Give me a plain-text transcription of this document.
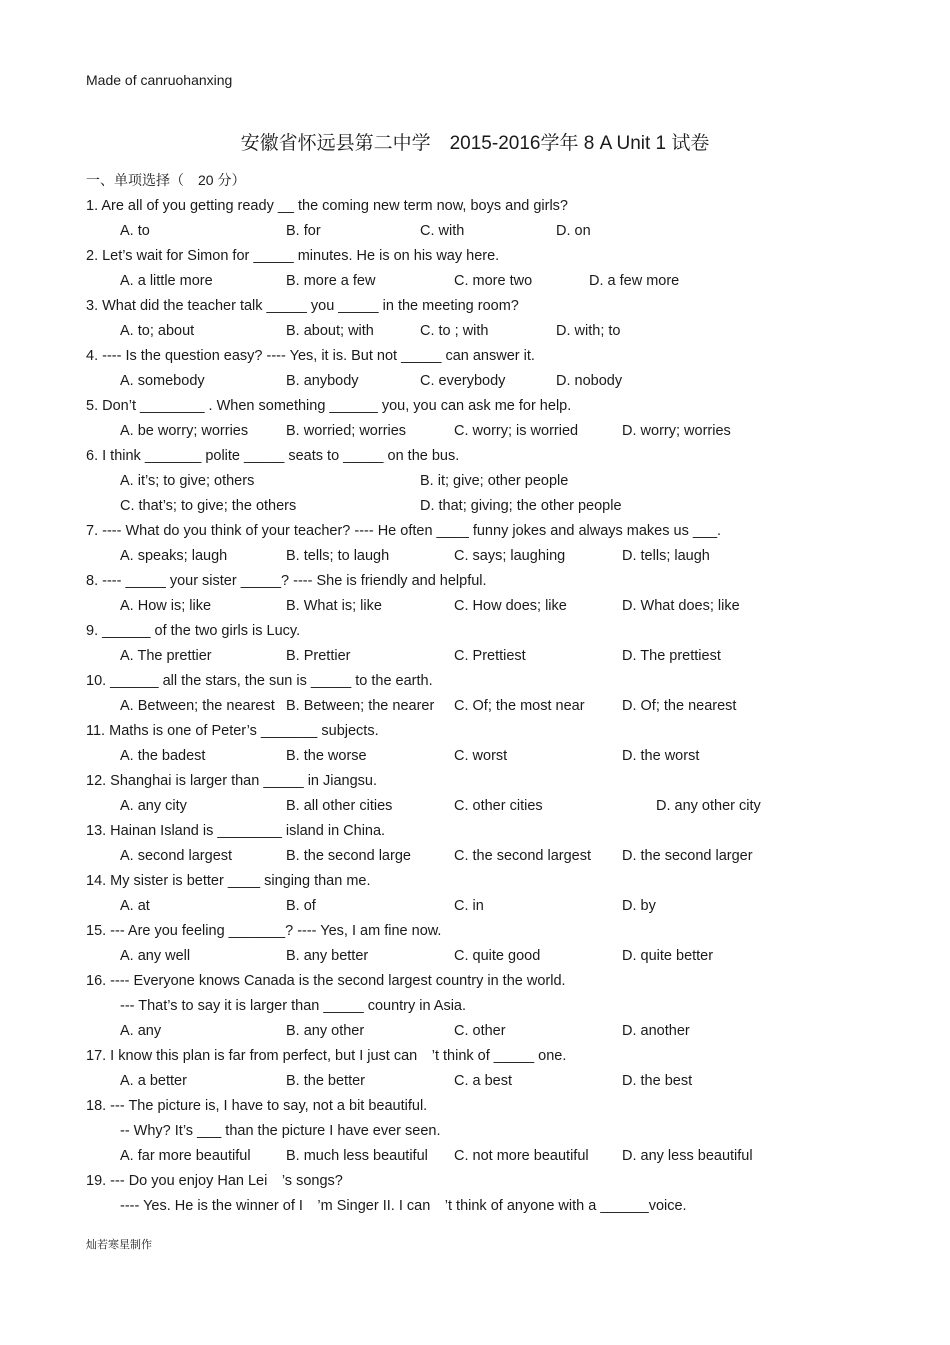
Made of canruohanxing
安徽省怀远县第二中学　2015-2016学年 8 A Unit 1 试卷
一、单项选择（　20 分）
1. Are all of you getting ready __ the coming new term now, boys and girls?
A. to	B. for	C. with	D. on
2. Let’s wait for Simon for _____ minutes. He is on his way here.
A. a little more	B. more a few	C. more two	D. a few more
3. What did the teacher talk _____ you _____ in the meeting room?
A. to; about	B. about; with	C. to ; with	D. with; to
4. ---- Is the question easy? ---- Yes, it is. But not _____ can answer it.
A. somebody	B. anybody	C. everybody	D. nobody
5. Don’t ________ . When something ______ you, you can ask me for help.
A. be worry; worries	B. worried; worries	C. worry; is worried	D. worry; worries
6. I think _______ polite _____ seats to _____ on the bus.
A. it’s; to give; others	B. it; give; other people
C. that’s; to give; the others	D. that; giving; the other people
7. ---- What do you think of your teacher? ---- He often ____ funny jokes and always makes us ___.
A. speaks; laugh	B. tells; to laugh	C. says; laughing	D. tells; laugh
8. ---- _____ your sister _____? ---- She is friendly and helpful.
A. How is; like	B. What is; like	C. How does; like	D. What does; like
9. ______ of the two girls is Lucy.
A. The prettier	B. Prettier	C. Prettiest	D. The prettiest
10. ______ all the stars, the sun is _____ to the earth.
A. Between; the nearest B. Between; the nearer C. Of; the most near	D. Of; the nearest
11. Maths is one of Peter’s _______ subjects.
A. the badest	B. the worse	C. worst	D. the worst
12. Shanghai is larger than _____ in Jiangsu.
A. any city	B. all other cities	C. other cities	D. any other city
13. Hainan Island is ________ island in China.
A. second largest	B. the second large	C. the second largest D. the second larger
14. My sister is better ____ singing than me.
A. at	B. of	C. in	D. by
15. --- Are you feeling _______? ---- Yes, I am fine now.
A. any well	B. any better	C. quite good	D. quite better
16. ---- Everyone knows Canada is the second largest country in the world.
--- That’s to say it is larger than _____ country in Asia.
A. any	B. any other	C. other	D. another
17. I know this plan is far from perfect, but I just can　’t think of _____ one.
A. a better	B. the better	C. a best	D. the best
18. --- The picture is, I have to say, not a bit beautiful.
-- Why? It’s ___ than the picture I have ever seen.
A. far more beautiful B. much less beautiful C. not more beautiful D. any less beautiful
19. --- Do you enjoy Han Lei　’s songs?
---- Yes. He is the winner of I　’m Singer II. I can　’t think of anyone with a ______voice.
灿若寒星制作
